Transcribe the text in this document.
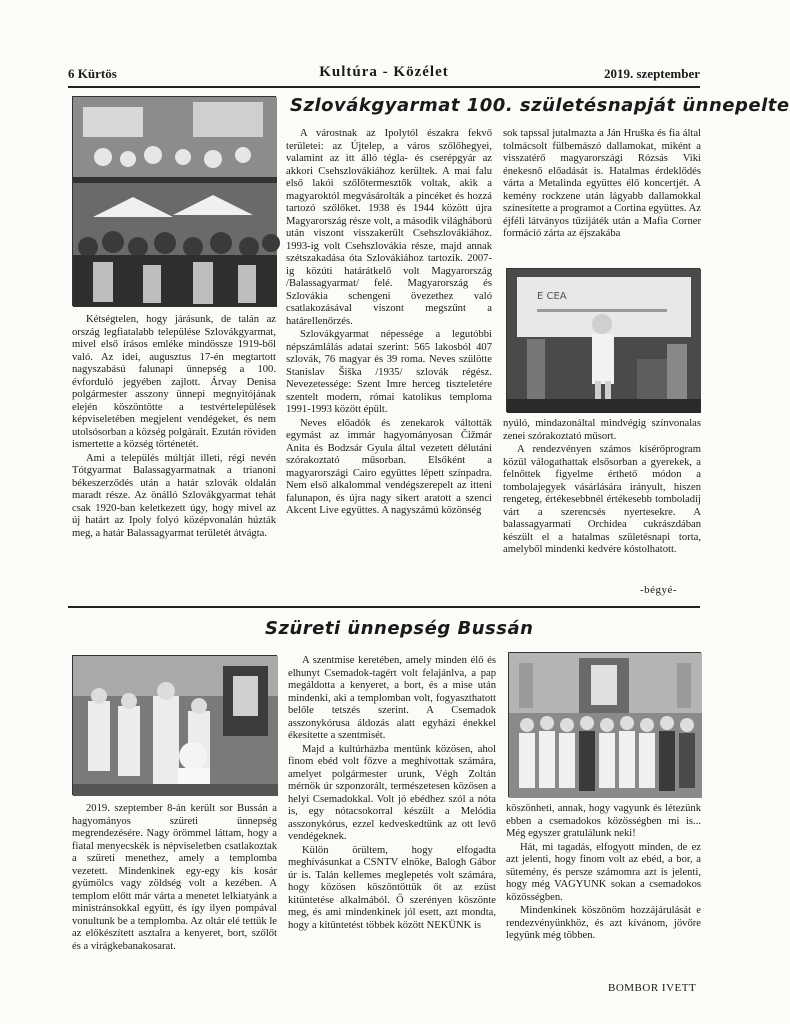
6 Kürtös	Kultúra - Közélet	2019. szeptember
Szlovákgyarmat 100. születésnapját ünnepelte

Kétségtelen, hogy járásunk, de talán az ország legfiatalabb települése Szlovákgyarmat, mivel első írásos emléke mindössze 1919-ből való. Az idei, augusztus 17-én megtartott nagyszabású falunapi ünnepség a 100. évforduló jegyében zajlott. Árvay Denisa polgármester asszony ünnepi megnyitójának elején köszöntötte a testvértelepülések képviseletében megjelent vendégeket, és nem utolsósorban a község polgárait. Ezután röviden ismertette a község történetét.

Ami a település múltját illeti, régi nevén Tótgyarmat Balassagyarmatnak a trianoni békeszerződés után a határ szlovák oldalán maradt része. Az önálló Szlovákgyarmat tehát csak 1920-ban keletkezett úgy, hogy mivel az új határt az Ipoly folyó középvonalán húzták meg, a határ Balassagyarmat területét átvágta.

A várostnak az Ipolytól északra fekvő területei: az Újtelep, a város szőlőhegyei, valamint az itt álló tégla- és cserépgyár az akkori Csehszlovákiához kerültek. A mai falu első lakói szőlőtermesztők voltak, akik a magyaroktól megvásárolták a pincéket és hozzá tartozó szőlőket. 1938 és 1944 között újra Magyarország része volt, a második világháború után viszont visszakerült Csehszlovákiához. 1993-ig volt Csehszlovákia része, majd annak szétszakadása óta Szlovákiához tartozik. 2007-ig közúti határátkelő volt Magyarország /Balassagyarmat/ felé. Magyarország és Szlovákia schengeni övezethez való csatlakozásával viszont megszűnt a határellenőrzés.

Szlovákgyarmat népessége a legutóbbi népszámlálás adatai szerint: 565 lakosból 407 szlovák, 76 magyar és 39 roma. Neves szülötte Stanislav Šiška /1935/ szlovák régész. Nevezetessége: Szent Imre herceg tiszteletére szentelt modern, római katolikus temploma 1991-1993 között épült.

Neves előadók és zenekarok váltották egymást az immár hagyományosan Čižmár Anita és Bodzsár Gyula által vezetett délutáni szórakoztató műsorban. Elsőként a magyarországi Cairo együttes lépett színpadra. Nem első alkalommal vendégszerepelt az itteni falunapon, és újra nagy sikert aratott a szenci Akcent Live együttes. A nagyszámú közönség

sok tapssal jutalmazta a Ján Hruška és fia által tolmácsolt fülbemászó dallamokat, miként a visszatérő magyarországi Rózsás Viki énekesnő előadását is. Hatalmas érdeklődés várta a Metalinda együttes élő koncertjét. A kemény rockzene után lágyabb dallamokkal színesítette a programot a Cortina együttes. Az éjféli látványos tűzijáték után a Mafia Corner formáció zárta az éjszakába

E CEA

nyúló, mindazonáltal mindvégig színvonalas zenei szórakoztató műsort.

A rendezvényen számos kísérőprogram közül válogathattak elsősorban a gyerekek, a felnőttek figyelme érthető módon a tombolajegyek vásárlására irányult, hiszen rengeteg, értékesebbnél értékesebb tomboladíj várt a szerencsés nyertesekre. A balassagyarmati Orchidea cukrászdában készült el a hatalmas születésnapi torta, amelyből mindenki kedvére kóstolhatott.

-bégyé-
Szüreti ünnepség Bussán

2019. szeptember 8-án került sor Bussán a hagyományos szüreti ünnepség megrendezésére. Nagy örömmel láttam, hogy a fiatal menyecskék is népviseletben csatlakoztak a szüreti menethez, amely a templomba vezetett. Mindenkinek egy-egy kis kosár gyümölcs vagy zöldség volt a kezében. A templom előtt már várta a menetet lelkiatyánk a ministránsokkal együtt, és így ilyen pompával vonultunk be a templomba. Az oltár elé tettük le az előkészített asztalra a kenyeret, bort, szőlőt és a virágkebanakosarat.

A szentmise keretében, amely minden élő és elhunyt Csemadok-tagért volt felajánlva, a pap megáldotta a kenyeret, a bort, és a mise után mindenki, aki a templomban volt, fogyaszthatott belőle tetszés szerint. A Csemadok asszonykórusa áldozás alatt egyházi énekkel ékesítette a szentmisét.

Majd a kultúrházba mentünk közösen, ahol finom ebéd volt főzve a meghívottak számára, amelyet polgármester urunk, Végh Zoltán mérnök úr szponzorált, természetesen közösen a helyi Csemadokkal. Volt jó ebédhez szól a nóta is, egy nótacsokorral készült a Melódia asszonykórus, ezzel kedveskedtünk az ott levő vendégeknek.

Külön örültem, hogy elfogadta meghívásunkat a CSNTV elnöke, Balogh Gábor úr is. Talán kellemes meglepetés volt számára, hogy közösen köszöntöttük őt az ezüst kitüntetése alkalmából. Ő szerényen köszönte meg, és ami mindenkinek jól esett, azt mondta, hogy a kitüntetést többek között NEKÜNK is

köszönheti, annak, hogy vagyunk és létezünk ebben a csemadokos közösségben mi is... Még egyszer gratulálunk neki!

Hát, mi tagadás, elfogyott minden, de ez azt jelenti, hogy finom volt az ebéd, a bor, a sütemény, és persze számomra azt is jelenti, hogy még VAGYUNK sokan a csemadokos közösségben.

Mindenkinek köszönöm hozzájárulását e rendezvényünkhöz, és azt kívánom, jövőre legyünk még többen.

BOMBOR IVETT
